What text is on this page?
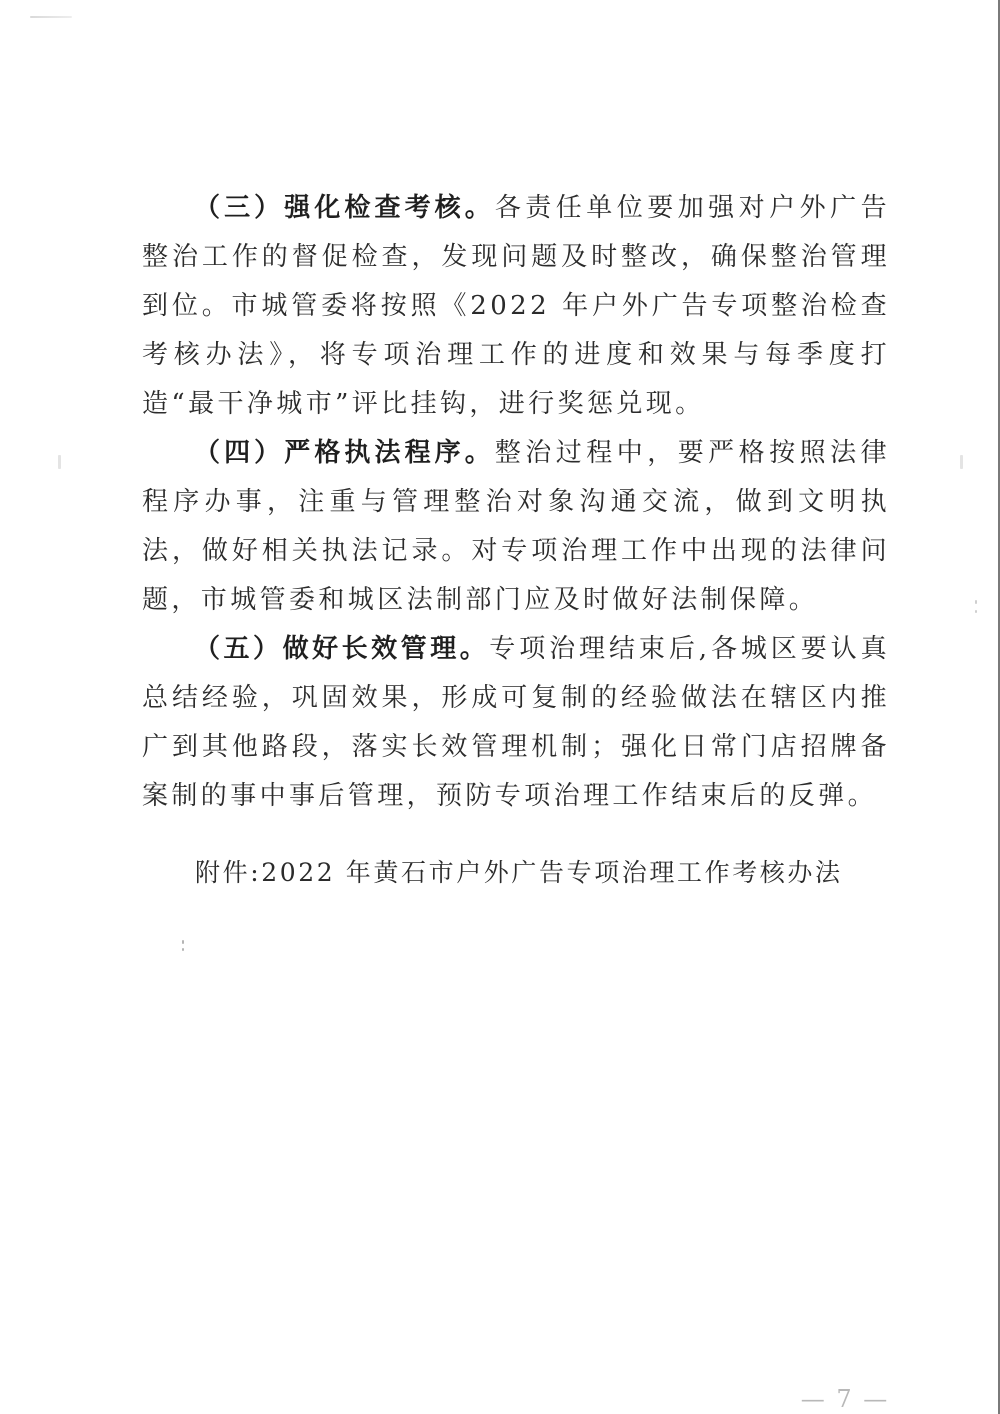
（三）强化检查考核。各责任单位要加强对户外广告整治工作的督促检查，发现问题及时整改，确保整治管理到位。市城管委将按照《2022 年户外广告专项整治检查考核办法》，将专项治理工作的进度和效果与每季度打造“最干净城市”评比挂钩，进行奖惩兑现。

（四）严格执法程序。整治过程中，要严格按照法律程序办事，注重与管理整治对象沟通交流，做到文明执法，做好相关执法记录。对专项治理工作中出现的法律问题，市城管委和城区法制部门应及时做好法制保障。

（五）做好长效管理。专项治理结束后,各城区要认真总结经验，巩固效果，形成可复制的经验做法在辖区内推广到其他路段，落实长效管理机制；强化日常门店招牌备案制的事中事后管理，预防专项治理工作结束后的反弹。

附件:2022 年黄石市户外广告专项治理工作考核办法
— 7 —
